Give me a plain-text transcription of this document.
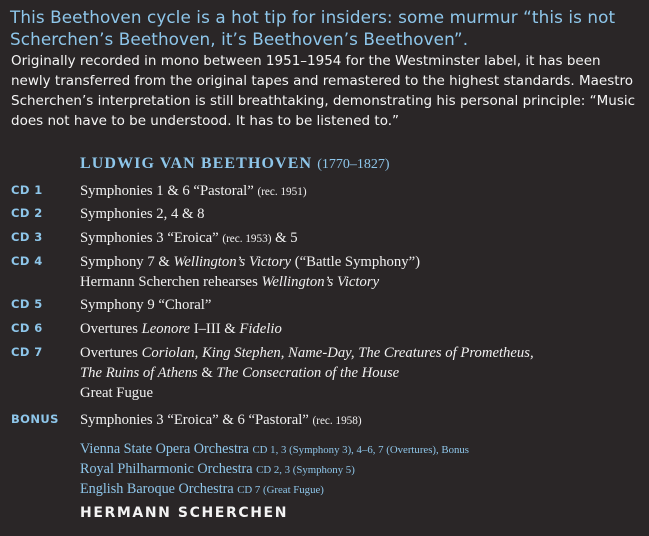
This Beethoven cycle is a hot tip for insiders: some murmur “this is not Scherchen’s Beethoven, it’s Beethoven’s Beethoven”.
Originally recorded in mono between 1951–1954 for the Westminster label, it has been newly transferred from the original tapes and remastered to the highest standards. Maestro Scherchen’s interpretation is still breathtaking, demonstrating his personal principle: “Music does not have to be understood. It has to be listened to.”
LUDWIG VAN BEETHOVEN (1770–1827)
CD 1	Symphonies 1 & 6 “Pastoral” (rec. 1951)
CD 2	Symphonies 2, 4 & 8
CD 3	Symphonies 3 “Eroica” (rec. 1953) & 5
CD 4	Symphony 7 & Wellington’s Victory (“Battle Symphony”)
Hermann Scherchen rehearses Wellington’s Victory
CD 5	Symphony 9 “Choral”
CD 6	Overtures Leonore I–III & Fidelio
CD 7	Overtures Coriolan, King Stephen, Name-Day, The Creatures of Prometheus,
The Ruins of Athens & The Consecration of the House
Great Fugue
BONUS Symphonies 3 “Eroica” & 6 “Pastoral” (rec. 1958)
Vienna State Opera Orchestra CD 1, 3 (Symphony 3), 4–6, 7 (Overtures), Bonus
Royal Philharmonic Orchestra CD 2, 3 (Symphony 5)
English Baroque Orchestra CD 7 (Great Fugue)
HERMANN SCHERCHEN
